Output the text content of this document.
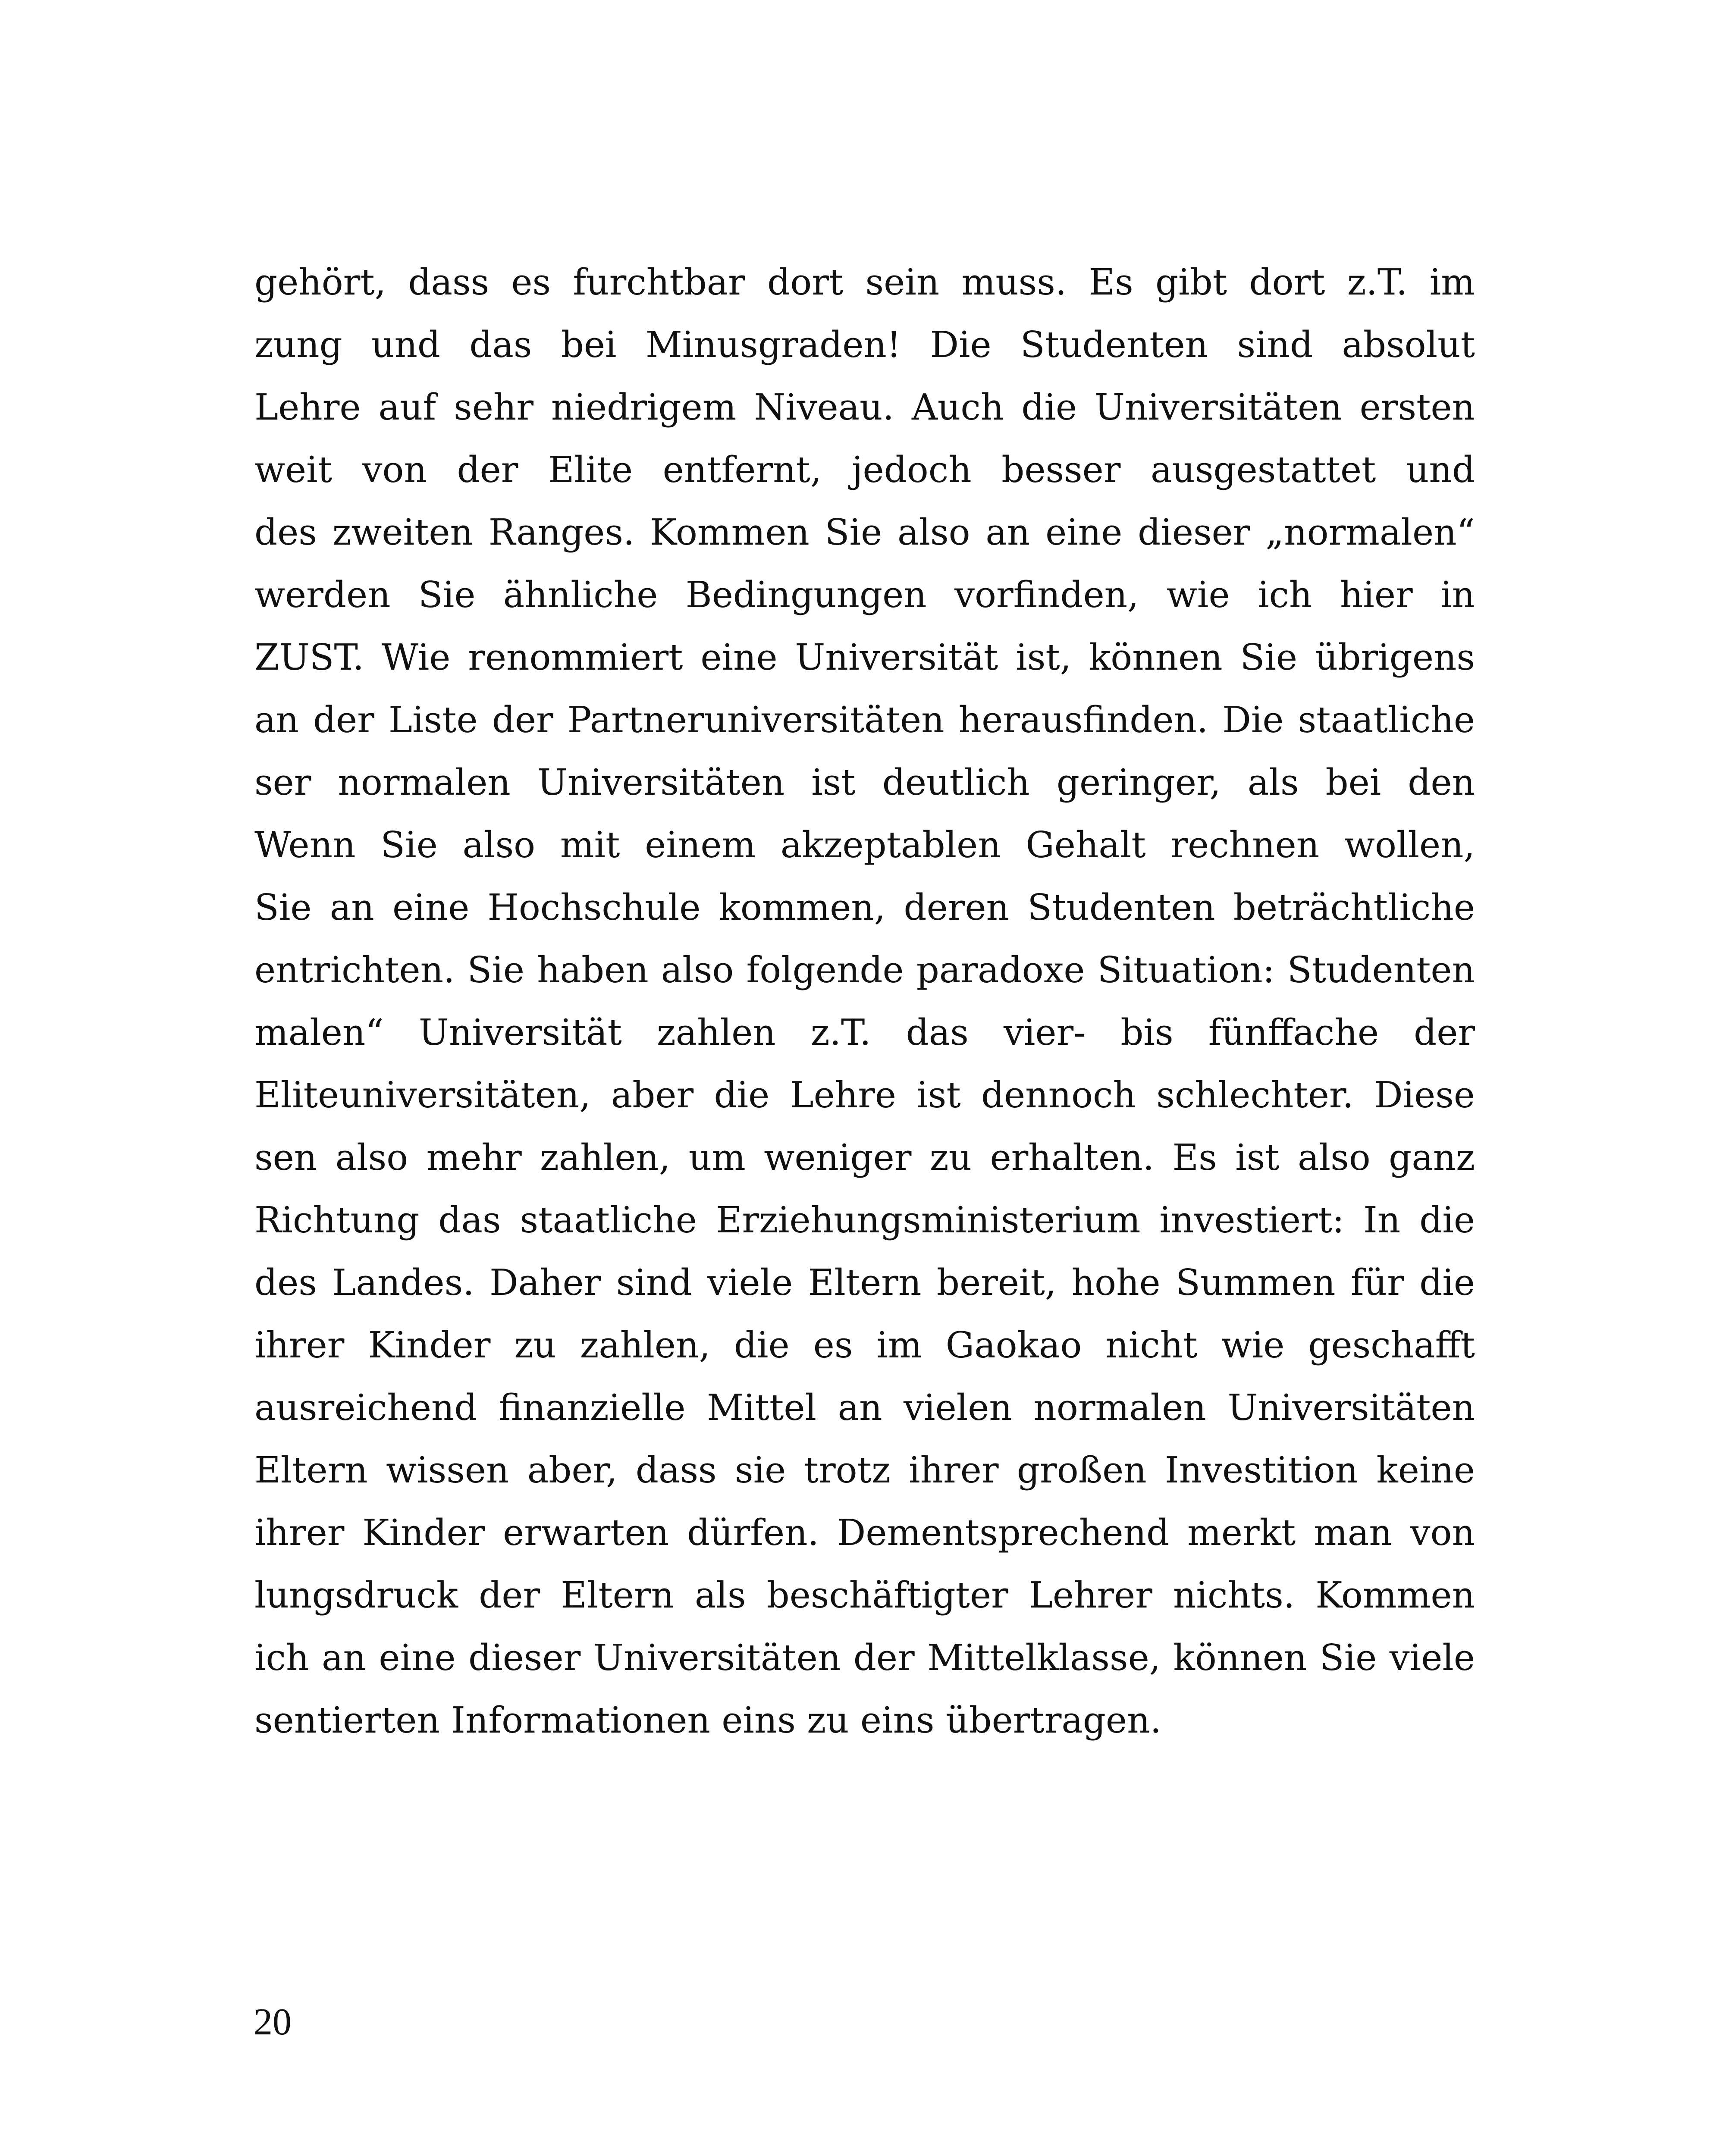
gehört, dass es furchtbar dort sein muss. Es gibt dort z.T. im
zung und das bei Minusgraden! Die Studenten sind absolut
Lehre auf sehr niedrigem Niveau. Auch die Universitäten ersten
weit von der Elite entfernt, jedoch besser ausgestattet und
des zweiten Ranges. Kommen Sie also an eine dieser „normalen“
werden Sie ähnliche Bedingungen vorfinden, wie ich hier in
ZUST. Wie renommiert eine Universität ist, können Sie übrigens
an der Liste der Partneruniversitäten herausfinden. Die staatliche
ser normalen Universitäten ist deutlich geringer, als bei den
Wenn Sie also mit einem akzeptablen Gehalt rechnen wollen,
Sie an eine Hochschule kommen, deren Studenten beträchtliche
entrichten. Sie haben also folgende paradoxe Situation: Studenten
malen“ Universität zahlen z.T. das vier- bis fünffache der
Eliteuniversitäten, aber die Lehre ist dennoch schlechter. Diese
sen also mehr zahlen, um weniger zu erhalten. Es ist also ganz
Richtung das staatliche Erziehungsministerium investiert: In die
des Landes. Daher sind viele Eltern bereit, hohe Summen für die
ihrer Kinder zu zahlen, die es im Gaokao nicht wie geschafft
ausreichend finanzielle Mittel an vielen normalen Universitäten
Eltern wissen aber, dass sie trotz ihrer großen Investition keine
ihrer Kinder erwarten dürfen. Dementsprechend merkt man von
lungsdruck der Eltern als beschäftigter Lehrer nichts. Kommen
ich an eine dieser Universitäten der Mittelklasse, können Sie viele
sentierten Informationen eins zu eins übertragen.

20
